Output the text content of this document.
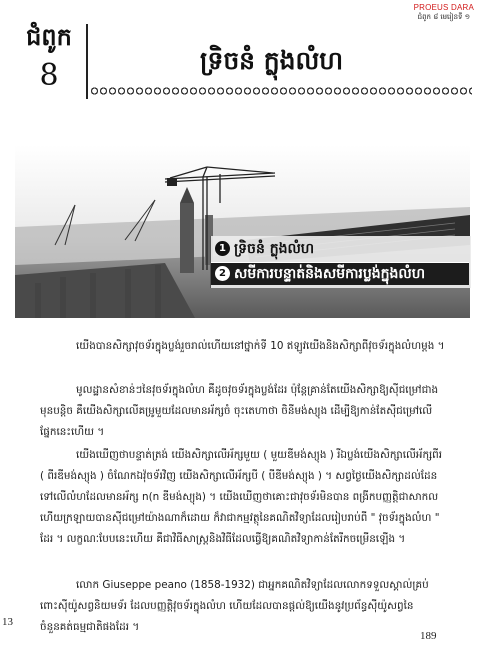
PROEUS DARA
ជំពូក ៨ មេរៀនទី ១
ជំពូក
8	ទ្រិចនំ ក្លុងលំហ
1 ទ្រិចនំ ក្លុងលំហ
2 សមីការបន្ទាត់និងសមីការប្លង់ក្នុងលំហ

យើងបានសិក្សាវុចទ័រក្នុងប្លង់រួចរាល់ហើយនៅថ្នាក់ទី 10 ឥឡូវយើងនិងសិក្សាពីវុចទ័រក្នុងលំហម្ដង ។

មូលដ្ឋានសំខាន់ៗនៃវុចទ័រក្នុងលំហ គឺដូចវុចទ័រក្នុងប្លង់ដែរ ប៉ុន្តែគ្រាន់តែយើងសិក្សាឱ្យស៊ីជម្រៅជាងមុនបន្តិច គឺយើងសិក្សាលើគម្រូមួយដែលមានអ័ក្សចំ ចុះតេហាថា ចិនីមង់ស្យុង ដើម្បីឱ្យកាន់តែស៊ីជម្រៅលើផ្នែកនេះហើយ ។

យើងឃើញថាបន្ទាត់ត្រង់ យើងសិក្សាលើអ័ក្សមួយ ( មួយឌីមង់ស្យុង ) រីឯប្លង់យើងសិក្សាលើអ័ក្សពីរ ( ពីរឌីមង់ស្យុង ) ចំណែកឯវ៉ុចទ័រវិញ យើងសិក្សាលើអ័ក្សបី ( បីឌីមង់ស្យុង ) ។ សព្វថ្ងៃយើងសិក្សាដល់ដែនទៅលើលំហដែលមានអ័ក្ស n(n ឌីមង់ស្យុង) ។ យើងឃើញថាគោះជាវុចទ័រមិនបាន ពង្រីកបញ្ញត្តិជាសាកលហើយក្រឡាយបានស៊ីជម្រៅយ៉ាងណាក៏ដោយ ក៏វាជាកម្មវត្ថុនៃគណិតវិទ្យាដែលរៀបរាប់ពី " វុចទ័រក្នុងលំហ " ដែរ ។ លក្ខណៈបែបនេះហើយ គឺជាវិធីសាស្ត្រនិងវិធីដែលធ្វើឱ្យគណិតវិទ្យាកាន់តែរីកចម្រើនឡើង ។

លោក Giuseppe peano (1858-1932) ជាអ្នកគណិតវិទ្យាដែលលោកទទួលស្គាល់គ្រប់ពោះស៊ីយ៉ូសព្វនិយមទ័រ ដែលបញ្ញត្តិវុចទ័រក្នុងលំហ ហើយដែលបានផ្ដល់ឱ្យយើងនូវប្រព័ន្ធស៊ីយ៉ូសព្វនៃចំនួនគត់ធម្មជាតិផងដែរ ។

13
189
